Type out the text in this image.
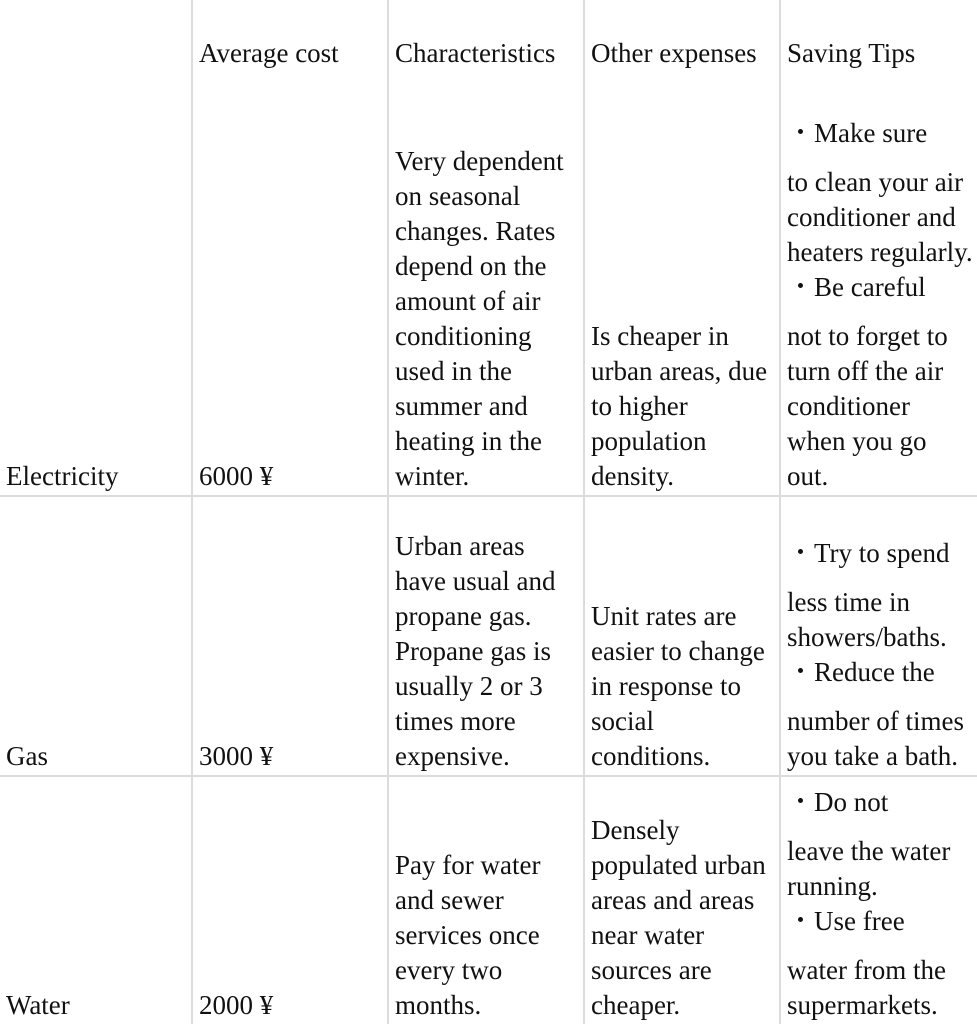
	Average cost	Characteristics	Other expenses	Saving Tips
Electricity	6000 ¥	Very dependent on seasonal changes. Rates depend on the amount of air conditioning used in the summer and heating in the winter.	Is cheaper in urban areas, due to higher population density.	・Make sure
to clean your air conditioner and heaters regularly.
・Be careful
not to forget to turn off the air conditioner when you go out.

Gas	3000 ¥	Urban areas have usual and propane gas. Propane gas is usually 2 or 3 times more expensive.	Unit rates are easier to change in response to social conditions.	・Try to spend
less time in showers/baths.
・Reduce the
number of times you take a bath.

Water	2000 ¥	Pay for water and sewer services once every two months.	Densely populated urban areas and areas near water sources are cheaper.	・Do not
leave the water running.
・Use free
water from the supermarkets.
